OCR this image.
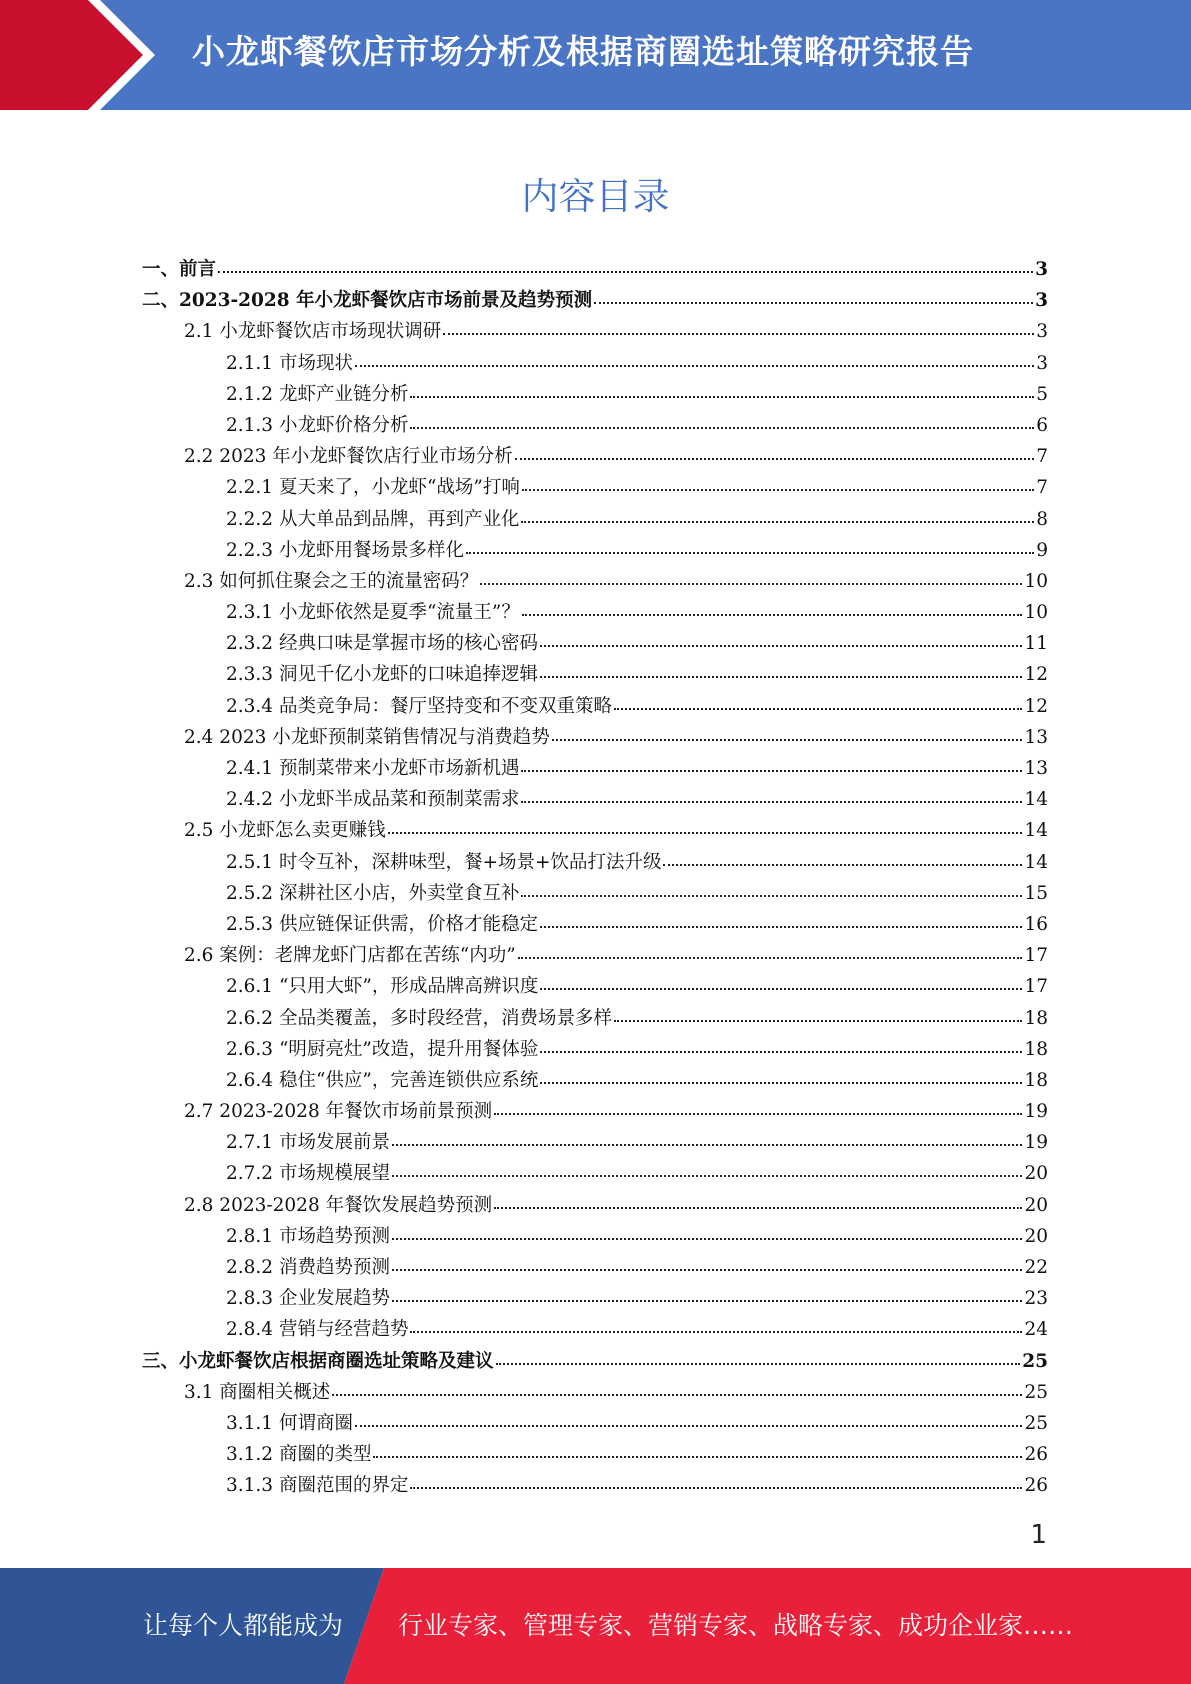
小龙虾餐饮店市场分析及根据商圈选址策略研究报告
内容目录
一、前言	3
二、2023-2028 年小龙虾餐饮店市场前景及趋势预测	3
2.1 小龙虾餐饮店市场现状调研	3
2.1.1 市场现状	3
2.1.2 龙虾产业链分析	5
2.1.3 小龙虾价格分析	6
2.2 2023 年小龙虾餐饮店行业市场分析	7
2.2.1 夏天来了，小龙虾“战场”打响	7
2.2.2 从大单品到品牌，再到产业化	8
2.2.3 小龙虾用餐场景多样化	9
2.3 如何抓住聚会之王的流量密码？	10
2.3.1 小龙虾依然是夏季“流量王”？	10
2.3.2 经典口味是掌握市场的核心密码	11
2.3.3 洞见千亿小龙虾的口味追捧逻辑	12
2.3.4 品类竞争局：餐厅坚持变和不变双重策略	12
2.4 2023 小龙虾预制菜销售情况与消费趋势	13
2.4.1 预制菜带来小龙虾市场新机遇	13
2.4.2 小龙虾半成品菜和预制菜需求	14
2.5 小龙虾怎么卖更赚钱	14
2.5.1 时令互补，深耕味型，餐+场景+饮品打法升级	14
2.5.2 深耕社区小店，外卖堂食互补	15
2.5.3 供应链保证供需，价格才能稳定	16
2.6 案例：老牌龙虾门店都在苦练“内功”	17
2.6.1 “只用大虾”，形成品牌高辨识度	17
2.6.2 全品类覆盖，多时段经营，消费场景多样	18
2.6.3 “明厨亮灶”改造，提升用餐体验	18
2.6.4 稳住“供应”，完善连锁供应系统	18
2.7 2023-2028 年餐饮市场前景预测	19
2.7.1 市场发展前景	19
2.7.2 市场规模展望	20
2.8 2023-2028 年餐饮发展趋势预测	20
2.8.1 市场趋势预测	20
2.8.2 消费趋势预测	22
2.8.3 企业发展趋势	23
2.8.4 营销与经营趋势	24
三、小龙虾餐饮店根据商圈选址策略及建议	25
3.1 商圈相关概述	25
3.1.1 何谓商圈	25
3.1.2 商圈的类型	26
3.1.3 商圈范围的界定	26
1
让每个人都能成为 行业专家、管理专家、营销专家、战略专家、成功企业家……
